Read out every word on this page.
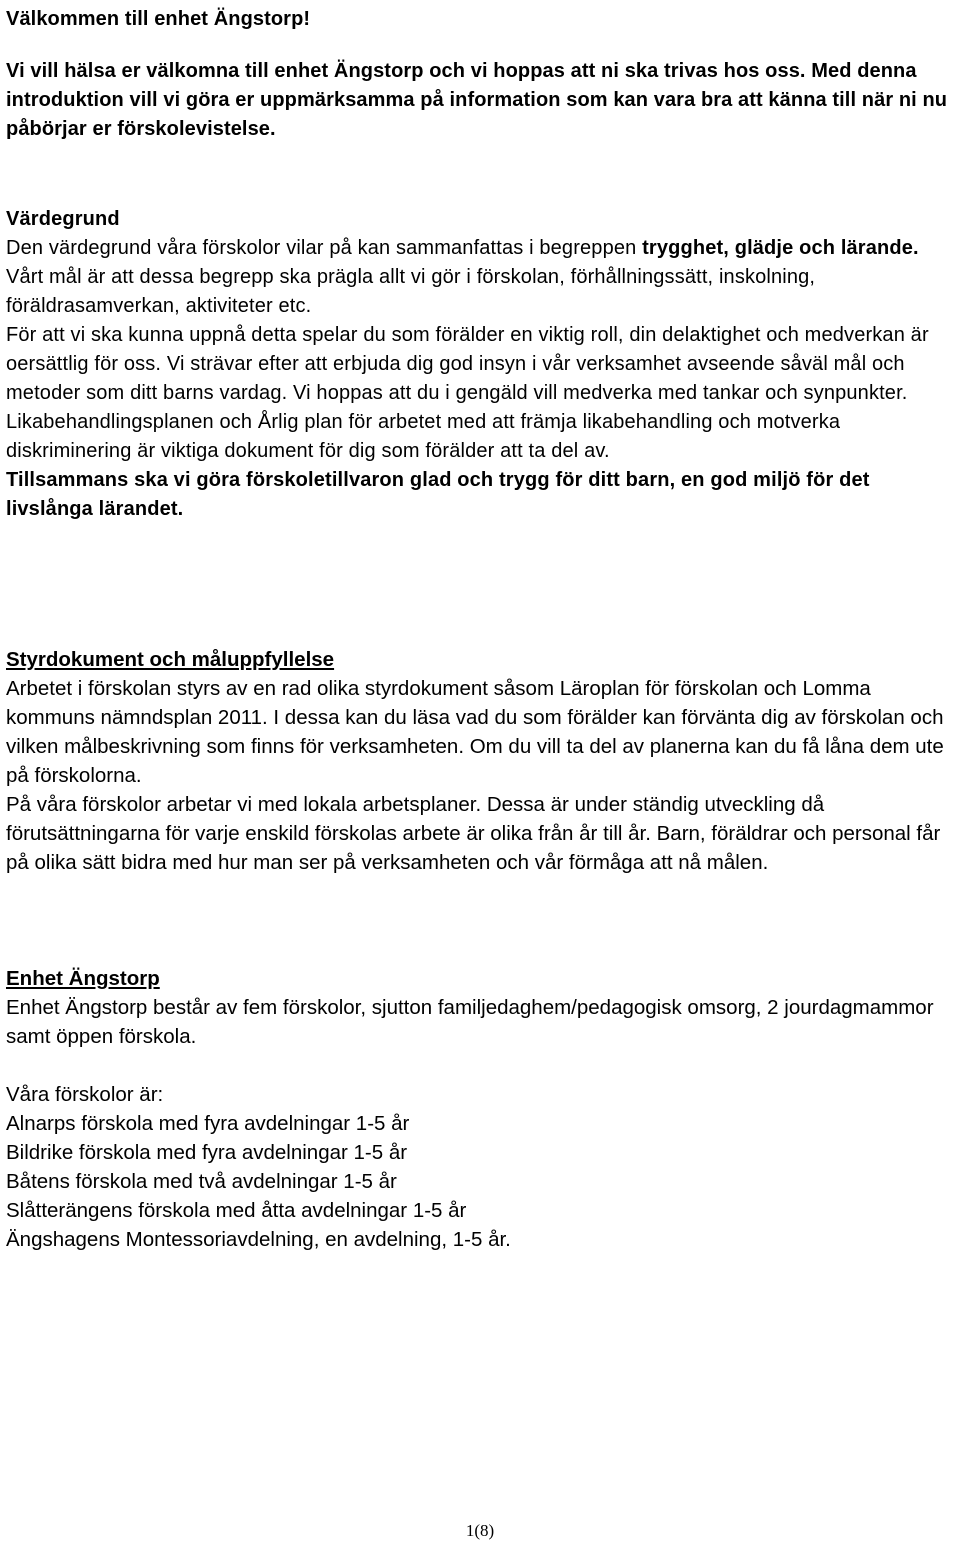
Välkommen till enhet Ängstorp!

Vi vill hälsa er välkomna till enhet Ängstorp och vi hoppas att ni ska trivas hos oss. Med denna introduktion vill vi göra er uppmärksamma på information som kan vara bra att känna till när ni nu påbörjar er förskolevistelse.

Värdegrund

Den värdegrund våra förskolor vilar på kan sammanfattas i begreppen trygghet, glädje och lärande.

Vårt mål är att dessa begrepp ska prägla allt vi gör i förskolan, förhållningssätt, inskolning, föräldrasamverkan, aktiviteter etc.

För att vi ska kunna uppnå detta spelar du som förälder en viktig roll, din delaktighet och medverkan är oersättlig för oss. Vi strävar efter att erbjuda dig god insyn i vår verksamhet avseende såväl mål och metoder som ditt barns vardag. Vi hoppas att du i gengäld vill medverka med tankar och synpunkter.

Likabehandlingsplanen och Årlig plan för arbetet med att främja likabehandling och motverka diskriminering är viktiga dokument för dig som förälder att ta del av.

Tillsammans ska vi göra förskoletillvaron glad och trygg för ditt barn, en god miljö för det livslånga lärandet.

Styrdokument och måluppfyllelse

Arbetet i förskolan styrs av en rad olika styrdokument såsom Läroplan för förskolan och Lomma kommuns nämndsplan 2011. I dessa kan du läsa vad du som förälder kan förvänta dig av förskolan och vilken målbeskrivning som finns för verksamheten. Om du vill ta del av planerna kan du få låna dem ute på förskolorna.

På våra förskolor arbetar vi med lokala arbetsplaner. Dessa är under ständig utveckling då förutsättningarna för varje enskild förskolas arbete är olika från år till år. Barn, föräldrar och personal får på olika sätt bidra med hur man ser på verksamheten och vår förmåga att nå målen.

Enhet Ängstorp

Enhet Ängstorp består av fem förskolor, sjutton familjedaghem/pedagogisk omsorg, 2 jourdagmammor samt öppen förskola.

Våra förskolor är:

Alnarps förskola med fyra avdelningar 1-5 år

Bildrike förskola med fyra avdelningar 1-5 år

Båtens förskola med två avdelningar 1-5 år

Slåtterängens förskola med åtta avdelningar 1-5 år

Ängshagens Montessoriavdelning, en avdelning, 1-5 år.

1(8)
